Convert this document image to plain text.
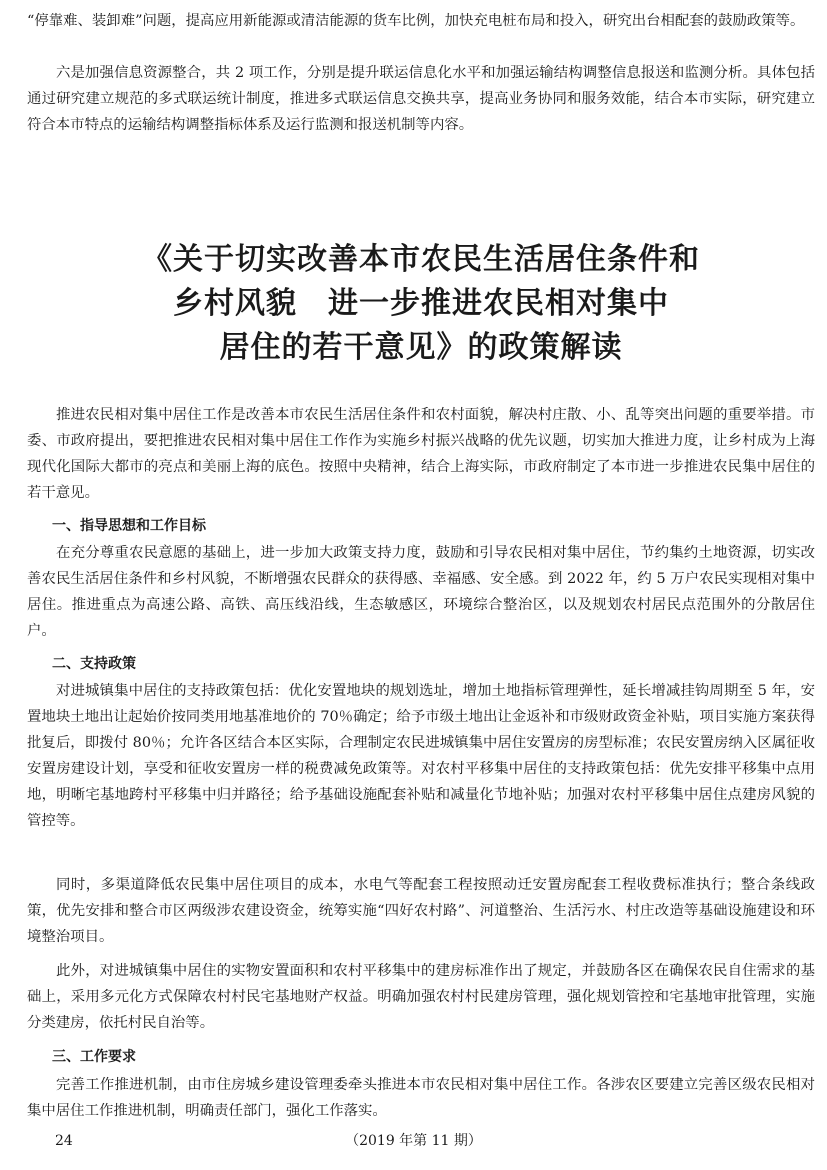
“停靠难、装卸难”问题，提高应用新能源或清洁能源的货车比例，加快充电桩布局和投入，研究出台相配套的鼓励政策等。

六是加强信息资源整合，共 2 项工作，分别是提升联运信息化水平和加强运输结构调整信息报送和监测分析。具体包括通过研究建立规范的多式联运统计制度，推进多式联运信息交换共享，提高业务协同和服务效能，结合本市实际，研究建立符合本市特点的运输结构调整指标体系及运行监测和报送机制等内容。

《关于切实改善本市农民生活居住条件和
乡村风貌　进一步推进农民相对集中
居住的若干意见》的政策解读

推进农民相对集中居住工作是改善本市农民生活居住条件和农村面貌，解决村庄散、小、乱等突出问题的重要举措。市委、市政府提出，要把推进农民相对集中居住工作作为实施乡村振兴战略的优先议题，切实加大推进力度，让乡村成为上海现代化国际大都市的亮点和美丽上海的底色。按照中央精神，结合上海实际，市政府制定了本市进一步推进农民集中居住的若干意见。

一、指导思想和工作目标

在充分尊重农民意愿的基础上，进一步加大政策支持力度，鼓励和引导农民相对集中居住，节约集约土地资源，切实改善农民生活居住条件和乡村风貌，不断增强农民群众的获得感、幸福感、安全感。到 2022 年，约 5 万户农民实现相对集中居住。推进重点为高速公路、高铁、高压线沿线，生态敏感区，环境综合整治区，以及规划农村居民点范围外的分散居住户。

二、支持政策

对进城镇集中居住的支持政策包括：优化安置地块的规划选址，增加土地指标管理弹性，延长增减挂钩周期至 5 年，安置地块土地出让起始价按同类用地基准地价的 70％确定；给予市级土地出让金返补和市级财政资金补贴，项目实施方案获得批复后，即拨付 80％；允许各区结合本区实际，合理制定农民进城镇集中居住安置房的房型标准；农民安置房纳入区属征收安置房建设计划，享受和征收安置房一样的税费减免政策等。对农村平移集中居住的支持政策包括：优先安排平移集中点用地，明晰宅基地跨村平移集中归并路径；给予基础设施配套补贴和减量化节地补贴；加强对农村平移集中居住点建房风貌的管控等。

同时，多渠道降低农民集中居住项目的成本，水电气等配套工程按照动迁安置房配套工程收费标准执行；整合条线政策，优先安排和整合市区两级涉农建设资金，统筹实施“四好农村路”、河道整治、生活污水、村庄改造等基础设施建设和环境整治项目。

此外，对进城镇集中居住的实物安置面积和农村平移集中的建房标准作出了规定，并鼓励各区在确保农民自住需求的基础上，采用多元化方式保障农村村民宅基地财产权益。明确加强农村村民建房管理，强化规划管控和宅基地审批管理，实施分类建房，依托村民自治等。

三、工作要求

完善工作推进机制，由市住房城乡建设管理委牵头推进本市农民相对集中居住工作。各涉农区要建立完善区级农民相对集中居住工作推进机制，明确责任部门，强化工作落实。

24	（2019 年第 11 期）
